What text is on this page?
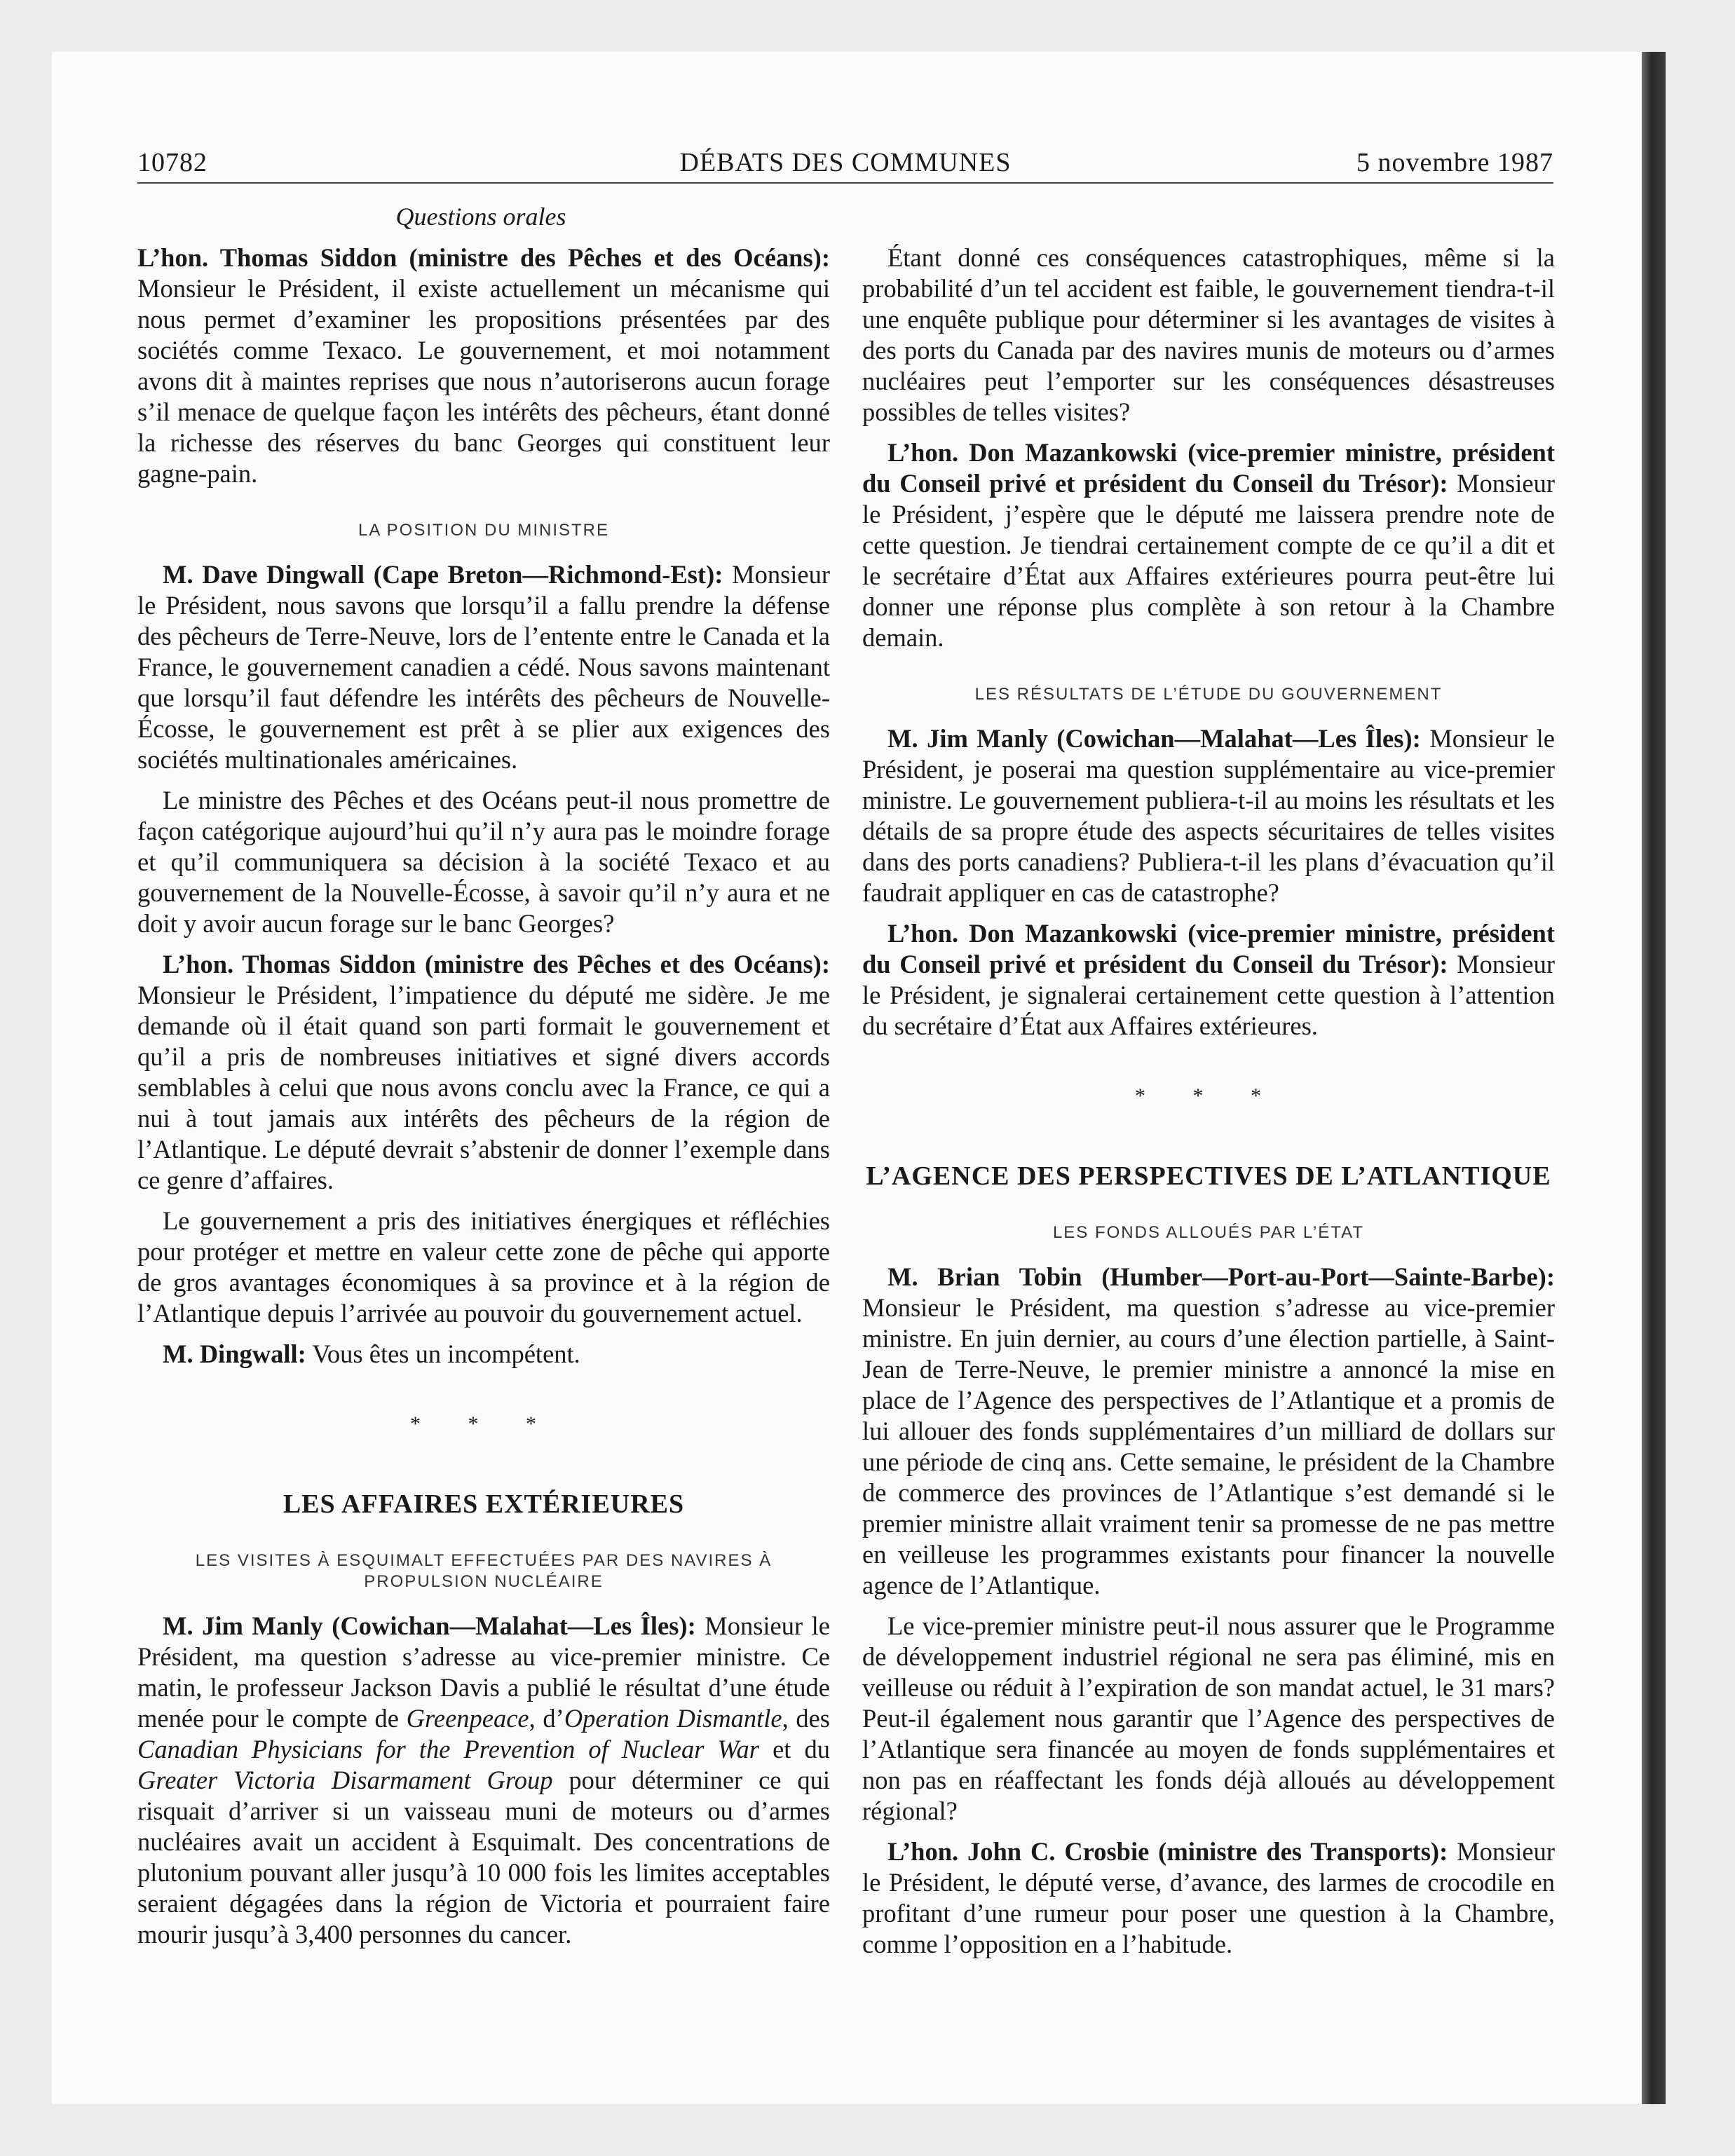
10782	DÉBATS DES COMMUNES	5 novembre 1987
Questions orales

L’hon. Thomas Siddon (ministre des Pêches et des Océans): Monsieur le Président, il existe actuellement un mécanisme qui nous permet d’examiner les propositions présentées par des sociétés comme Texaco. Le gouvernement, et moi notamment avons dit à maintes reprises que nous n’autoriserons aucun forage s’il menace de quelque façon les intérêts des pêcheurs, étant donné la richesse des réserves du banc Georges qui constituent leur gagne-pain.

LA POSITION DU MINISTRE

M. Dave Dingwall (Cape Breton—Richmond-Est): Monsieur le Président, nous savons que lorsqu’il a fallu prendre la défense des pêcheurs de Terre-Neuve, lors de l’entente entre le Canada et la France, le gouvernement canadien a cédé. Nous savons maintenant que lorsqu’il faut défendre les intérêts des pêcheurs de Nouvelle-Écosse, le gouvernement est prêt à se plier aux exigences des sociétés multinationales américaines.

Le ministre des Pêches et des Océans peut-il nous promettre de façon catégorique aujourd’hui qu’il n’y aura pas le moindre forage et qu’il communiquera sa décision à la société Texaco et au gouvernement de la Nouvelle-Écosse, à savoir qu’il n’y aura et ne doit y avoir aucun forage sur le banc Georges?

L’hon. Thomas Siddon (ministre des Pêches et des Océans): Monsieur le Président, l’impatience du député me sidère. Je me demande où il était quand son parti formait le gouvernement et qu’il a pris de nombreuses initiatives et signé divers accords semblables à celui que nous avons conclu avec la France, ce qui a nui à tout jamais aux intérêts des pêcheurs de la région de l’Atlantique. Le député devrait s’abstenir de donner l’exemple dans ce genre d’affaires.

Le gouvernement a pris des initiatives énergiques et réfléchies pour protéger et mettre en valeur cette zone de pêche qui apporte de gros avantages économiques à sa province et à la région de l’Atlantique depuis l’arrivée au pouvoir du gouvernement actuel.

M. Dingwall: Vous êtes un incompétent.

* * *
LES AFFAIRES EXTÉRIEURES
LES VISITES À ESQUIMALT EFFECTUÉES PAR DES NAVIRES À PROPULSION NUCLÉAIRE

M. Jim Manly (Cowichan—Malahat—Les Îles): Monsieur le Président, ma question s’adresse au vice-premier ministre. Ce matin, le professeur Jackson Davis a publié le résultat d’une étude menée pour le compte de Greenpeace, d’Operation Dismantle, des Canadian Physicians for the Prevention of Nuclear War et du Greater Victoria Disarmament Group pour déterminer ce qui risquait d’arriver si un vaisseau muni de moteurs ou d’armes nucléaires avait un accident à Esquimalt. Des concentrations de plutonium pouvant aller jusqu’à 10 000 fois les limites acceptables seraient dégagées dans la région de Victoria et pourraient faire mourir jusqu’à 3,400 personnes du cancer.

Étant donné ces conséquences catastrophiques, même si la probabilité d’un tel accident est faible, le gouvernement tiendra-t-il une enquête publique pour déterminer si les avantages de visites à des ports du Canada par des navires munis de moteurs ou d’armes nucléaires peut l’emporter sur les conséquences désastreuses possibles de telles visites?

L’hon. Don Mazankowski (vice-premier ministre, président du Conseil privé et président du Conseil du Trésor): Monsieur le Président, j’espère que le député me laissera prendre note de cette question. Je tiendrai certainement compte de ce qu’il a dit et le secrétaire d’État aux Affaires extérieures pourra peut-être lui donner une réponse plus complète à son retour à la Chambre demain.

LES RÉSULTATS DE L’ÉTUDE DU GOUVERNEMENT

M. Jim Manly (Cowichan—Malahat—Les Îles): Monsieur le Président, je poserai ma question supplémentaire au vice-premier ministre. Le gouvernement publiera-t-il au moins les résultats et les détails de sa propre étude des aspects sécuritaires de telles visites dans des ports canadiens? Publiera-t-il les plans d’évacuation qu’il faudrait appliquer en cas de catastrophe?

L’hon. Don Mazankowski (vice-premier ministre, président du Conseil privé et président du Conseil du Trésor): Monsieur le Président, je signalerai certainement cette question à l’attention du secrétaire d’État aux Affaires extérieures.

* * *
L’AGENCE DES PERSPECTIVES DE L’ATLANTIQUE
LES FONDS ALLOUÉS PAR L’ÉTAT

M. Brian Tobin (Humber—Port-au-Port—Sainte-Barbe): Monsieur le Président, ma question s’adresse au vice-premier ministre. En juin dernier, au cours d’une élection partielle, à Saint-Jean de Terre-Neuve, le premier ministre a annoncé la mise en place de l’Agence des perspectives de l’Atlantique et a promis de lui allouer des fonds supplémentaires d’un milliard de dollars sur une période de cinq ans. Cette semaine, le président de la Chambre de commerce des provinces de l’Atlantique s’est demandé si le premier ministre allait vraiment tenir sa promesse de ne pas mettre en veilleuse les programmes existants pour financer la nouvelle agence de l’Atlantique.

Le vice-premier ministre peut-il nous assurer que le Programme de développement industriel régional ne sera pas éliminé, mis en veilleuse ou réduit à l’expiration de son mandat actuel, le 31 mars? Peut-il également nous garantir que l’Agence des perspectives de l’Atlantique sera financée au moyen de fonds supplémentaires et non pas en réaffectant les fonds déjà alloués au développement régional?

L’hon. John C. Crosbie (ministre des Transports): Monsieur le Président, le député verse, d’avance, des larmes de crocodile en profitant d’une rumeur pour poser une question à la Chambre, comme l’opposition en a l’habitude.
